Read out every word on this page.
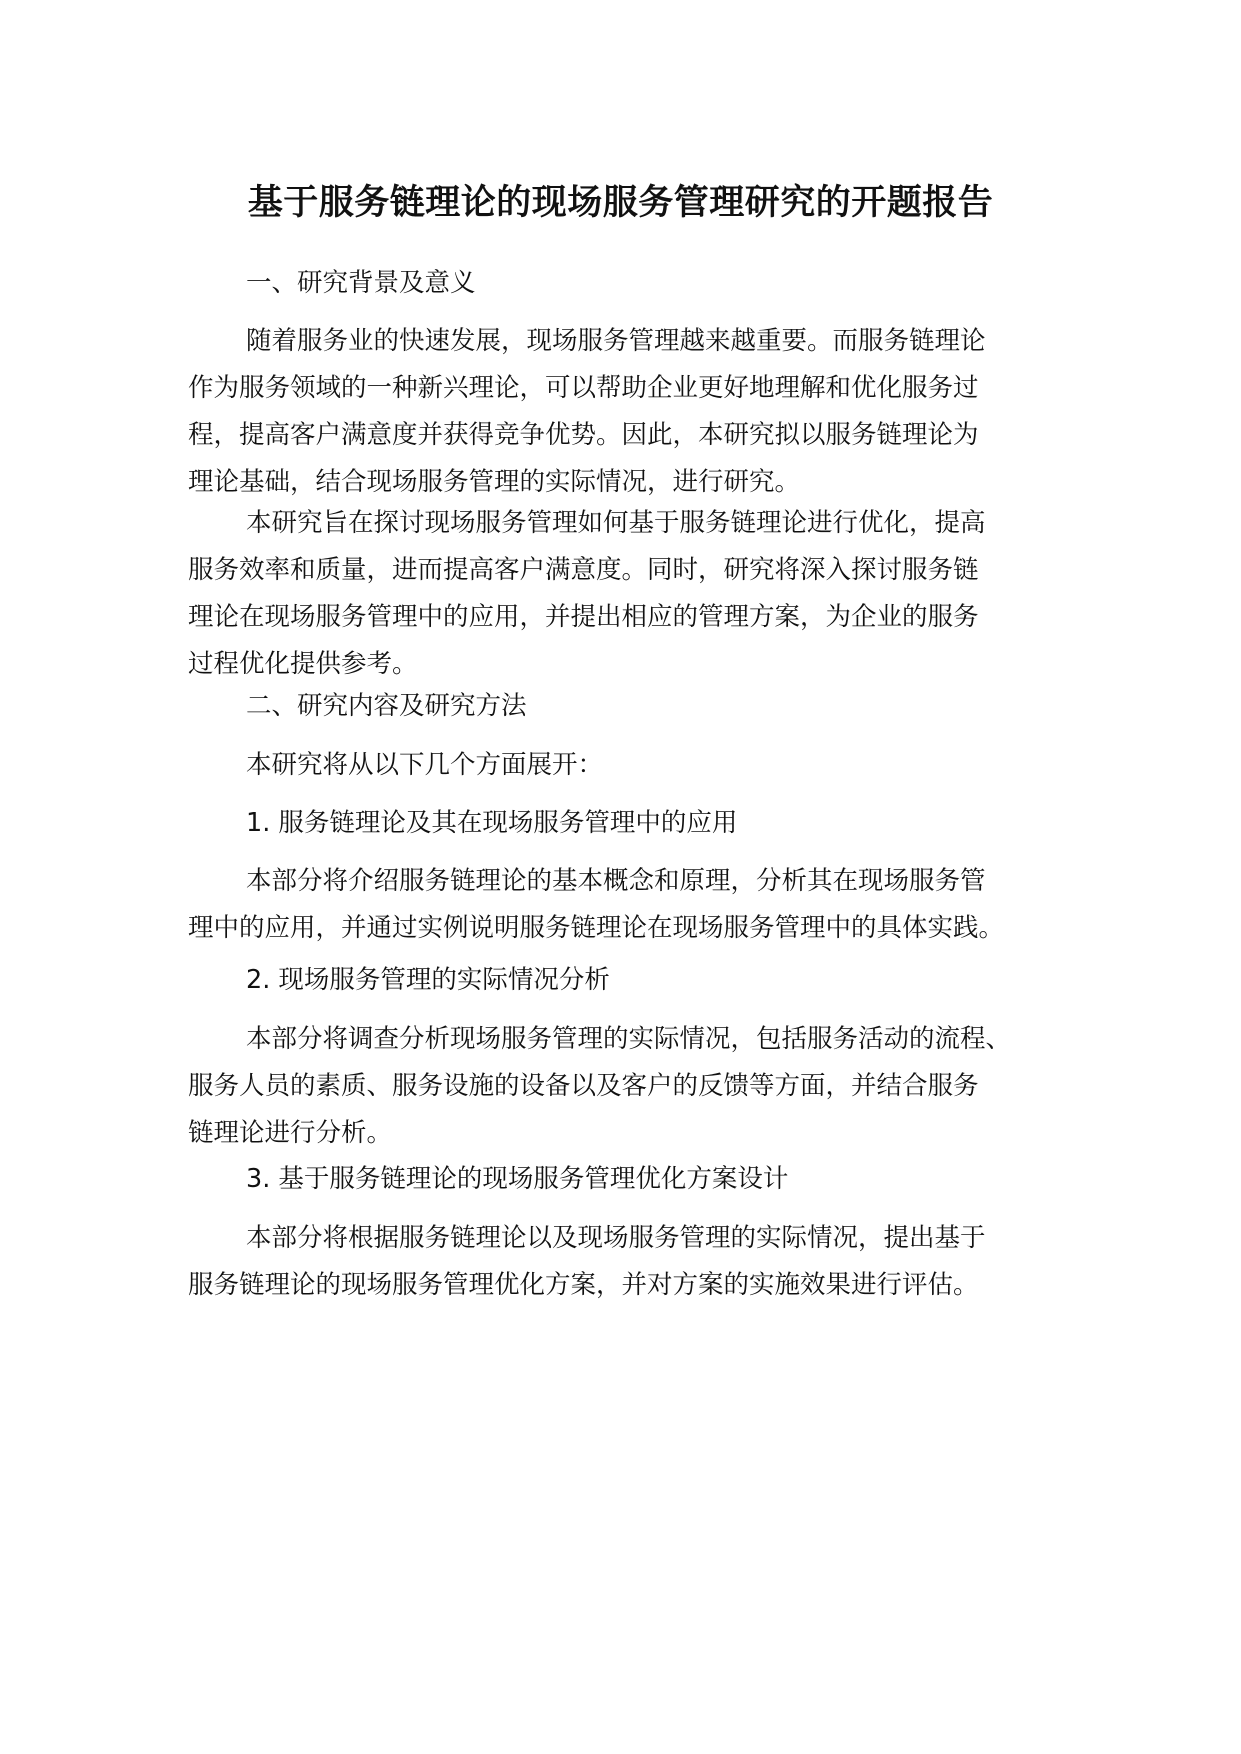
基于服务链理论的现场服务管理研究的开题报告

一、研究背景及意义

随着服务业的快速发展，现场服务管理越来越重要。而服务链理论
作为服务领域的一种新兴理论，可以帮助企业更好地理解和优化服务过
程，提高客户满意度并获得竞争优势。因此，本研究拟以服务链理论为
理论基础，结合现场服务管理的实际情况，进行研究。

本研究旨在探讨现场服务管理如何基于服务链理论进行优化，提高
服务效率和质量，进而提高客户满意度。同时，研究将深入探讨服务链
理论在现场服务管理中的应用，并提出相应的管理方案，为企业的服务
过程优化提供参考。

二、研究内容及研究方法

本研究将从以下几个方面展开：

1. 服务链理论及其在现场服务管理中的应用

本部分将介绍服务链理论的基本概念和原理，分析其在现场服务管
理中的应用，并通过实例说明服务链理论在现场服务管理中的具体实践。

2. 现场服务管理的实际情况分析

本部分将调查分析现场服务管理的实际情况，包括服务活动的流程、
服务人员的素质、服务设施的设备以及客户的反馈等方面，并结合服务
链理论进行分析。

3. 基于服务链理论的现场服务管理优化方案设计

本部分将根据服务链理论以及现场服务管理的实际情况，提出基于
服务链理论的现场服务管理优化方案，并对方案的实施效果进行评估。
